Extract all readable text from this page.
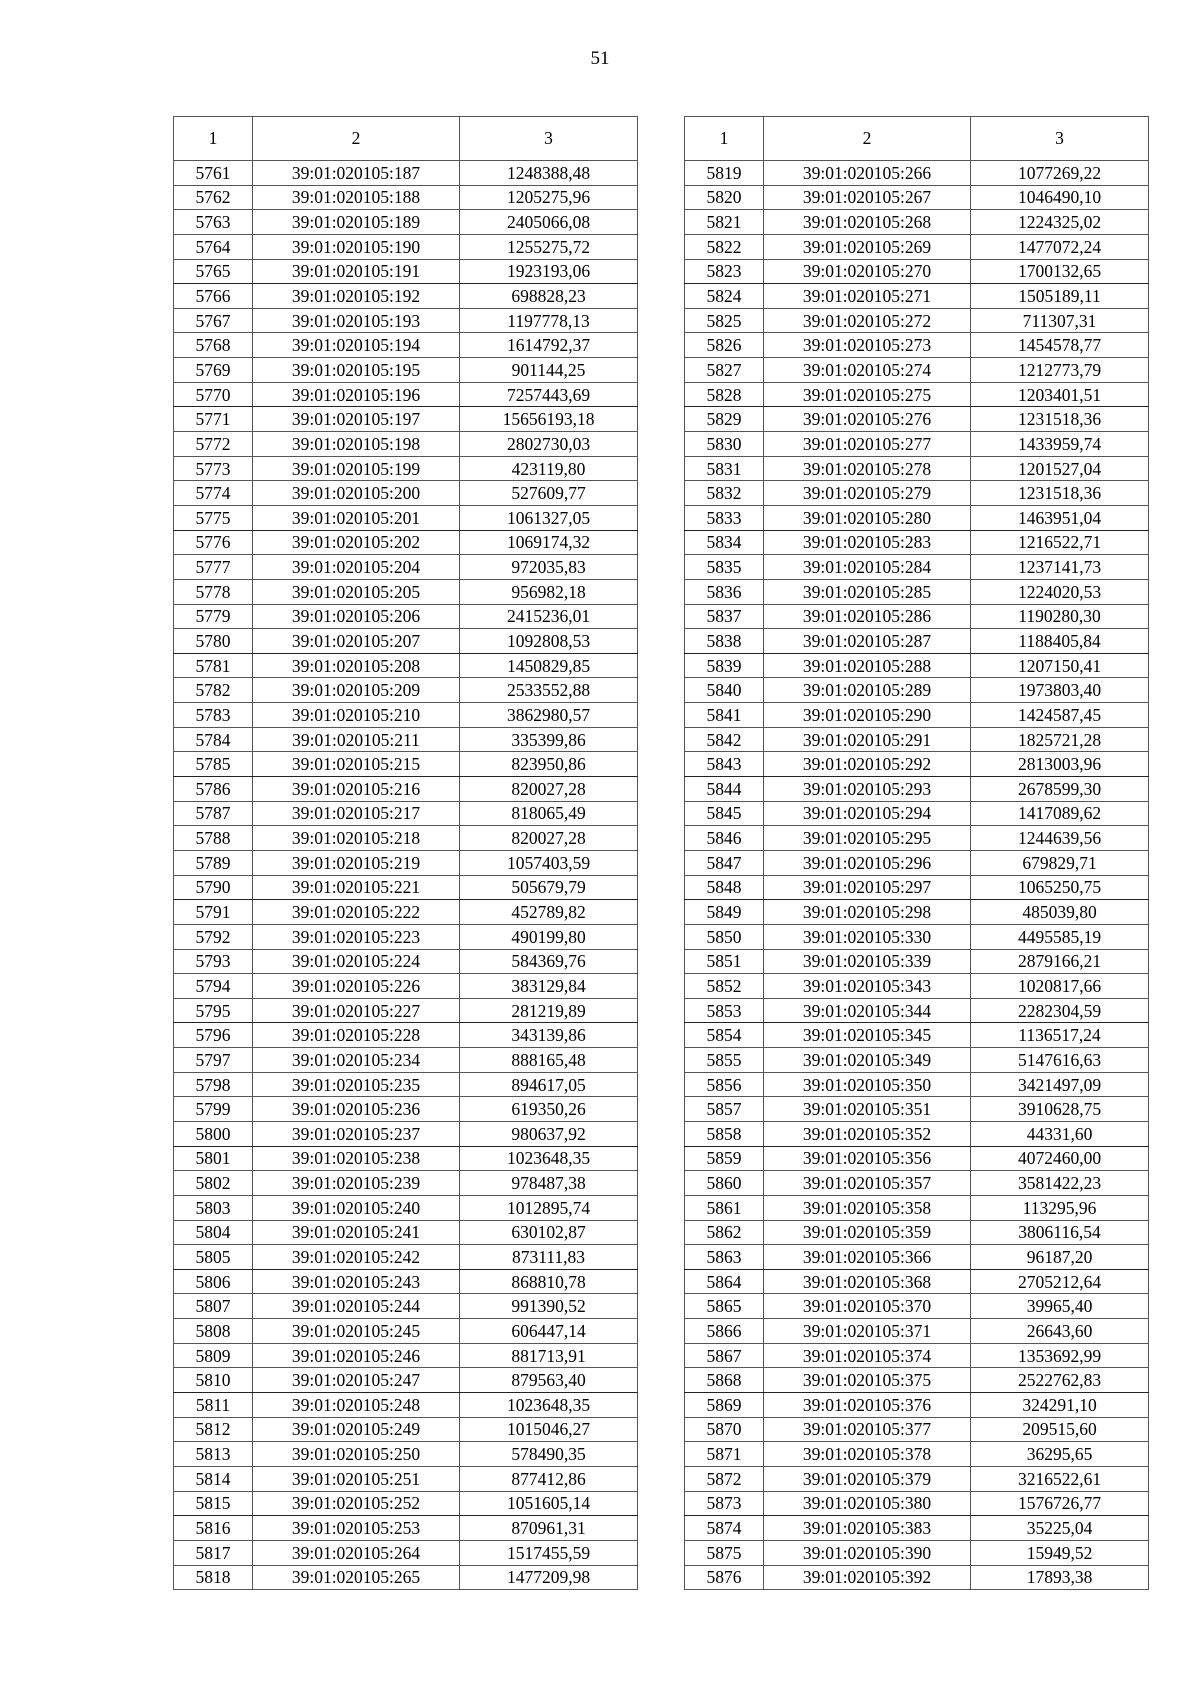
51
1	2	3
5761	39:01:020105:187	1248388,48
5762	39:01:020105:188	1205275,96
5763	39:01:020105:189	2405066,08
5764	39:01:020105:190	1255275,72
5765	39:01:020105:191	1923193,06
5766	39:01:020105:192	698828,23
5767	39:01:020105:193	1197778,13
5768	39:01:020105:194	1614792,37
5769	39:01:020105:195	901144,25
5770	39:01:020105:196	7257443,69
5771	39:01:020105:197	15656193,18
5772	39:01:020105:198	2802730,03
5773	39:01:020105:199	423119,80
5774	39:01:020105:200	527609,77
5775	39:01:020105:201	1061327,05
5776	39:01:020105:202	1069174,32
5777	39:01:020105:204	972035,83
5778	39:01:020105:205	956982,18
5779	39:01:020105:206	2415236,01
5780	39:01:020105:207	1092808,53
5781	39:01:020105:208	1450829,85
5782	39:01:020105:209	2533552,88
5783	39:01:020105:210	3862980,57
5784	39:01:020105:211	335399,86
5785	39:01:020105:215	823950,86
5786	39:01:020105:216	820027,28
5787	39:01:020105:217	818065,49
5788	39:01:020105:218	820027,28
5789	39:01:020105:219	1057403,59
5790	39:01:020105:221	505679,79
5791	39:01:020105:222	452789,82
5792	39:01:020105:223	490199,80
5793	39:01:020105:224	584369,76
5794	39:01:020105:226	383129,84
5795	39:01:020105:227	281219,89
5796	39:01:020105:228	343139,86
5797	39:01:020105:234	888165,48
5798	39:01:020105:235	894617,05
5799	39:01:020105:236	619350,26
5800	39:01:020105:237	980637,92
5801	39:01:020105:238	1023648,35
5802	39:01:020105:239	978487,38
5803	39:01:020105:240	1012895,74
5804	39:01:020105:241	630102,87
5805	39:01:020105:242	873111,83
5806	39:01:020105:243	868810,78
5807	39:01:020105:244	991390,52
5808	39:01:020105:245	606447,14
5809	39:01:020105:246	881713,91
5810	39:01:020105:247	879563,40
5811	39:01:020105:248	1023648,35
5812	39:01:020105:249	1015046,27
5813	39:01:020105:250	578490,35
5814	39:01:020105:251	877412,86
5815	39:01:020105:252	1051605,14
5816	39:01:020105:253	870961,31
5817	39:01:020105:264	1517455,59
5818	39:01:020105:265	1477209,98
1	2	3
5819	39:01:020105:266	1077269,22
5820	39:01:020105:267	1046490,10
5821	39:01:020105:268	1224325,02
5822	39:01:020105:269	1477072,24
5823	39:01:020105:270	1700132,65
5824	39:01:020105:271	1505189,11
5825	39:01:020105:272	711307,31
5826	39:01:020105:273	1454578,77
5827	39:01:020105:274	1212773,79
5828	39:01:020105:275	1203401,51
5829	39:01:020105:276	1231518,36
5830	39:01:020105:277	1433959,74
5831	39:01:020105:278	1201527,04
5832	39:01:020105:279	1231518,36
5833	39:01:020105:280	1463951,04
5834	39:01:020105:283	1216522,71
5835	39:01:020105:284	1237141,73
5836	39:01:020105:285	1224020,53
5837	39:01:020105:286	1190280,30
5838	39:01:020105:287	1188405,84
5839	39:01:020105:288	1207150,41
5840	39:01:020105:289	1973803,40
5841	39:01:020105:290	1424587,45
5842	39:01:020105:291	1825721,28
5843	39:01:020105:292	2813003,96
5844	39:01:020105:293	2678599,30
5845	39:01:020105:294	1417089,62
5846	39:01:020105:295	1244639,56
5847	39:01:020105:296	679829,71
5848	39:01:020105:297	1065250,75
5849	39:01:020105:298	485039,80
5850	39:01:020105:330	4495585,19
5851	39:01:020105:339	2879166,21
5852	39:01:020105:343	1020817,66
5853	39:01:020105:344	2282304,59
5854	39:01:020105:345	1136517,24
5855	39:01:020105:349	5147616,63
5856	39:01:020105:350	3421497,09
5857	39:01:020105:351	3910628,75
5858	39:01:020105:352	44331,60
5859	39:01:020105:356	4072460,00
5860	39:01:020105:357	3581422,23
5861	39:01:020105:358	113295,96
5862	39:01:020105:359	3806116,54
5863	39:01:020105:366	96187,20
5864	39:01:020105:368	2705212,64
5865	39:01:020105:370	39965,40
5866	39:01:020105:371	26643,60
5867	39:01:020105:374	1353692,99
5868	39:01:020105:375	2522762,83
5869	39:01:020105:376	324291,10
5870	39:01:020105:377	209515,60
5871	39:01:020105:378	36295,65
5872	39:01:020105:379	3216522,61
5873	39:01:020105:380	1576726,77
5874	39:01:020105:383	35225,04
5875	39:01:020105:390	15949,52
5876	39:01:020105:392	17893,38
